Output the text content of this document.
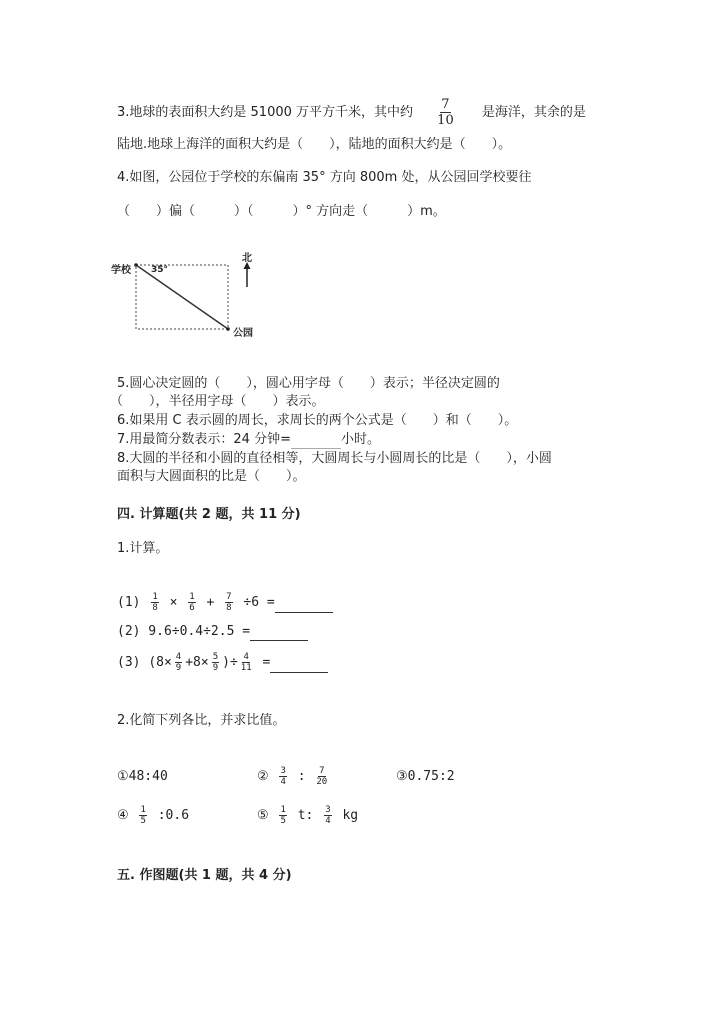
3.地球的表面积大约是 51000 万平方千米，其中约 $\frac{7}{10}$ 是海洋，其余的是
陆地.地球上海洋的面积大约是（　　），陆地的面积大约是（　　）。
4.如图，公园位于学校的东偏南 35° 方向 800m 处，从公园回学校要往
（　　）偏（　　　）（　　　）° 方向走（　　　）m。
学校 35°
北
公园
5.圆心决定圆的（　　），圆心用字母（　　）表示；半径决定圆的
（　　），半径用字母（　　）表示。
6.如果用 C 表示圆的周长，求周长的两个公式是（　　）和（　　）。
7.用最简分数表示：24 分钟=	小时。
8.大圆的半径和小圆的直径相等，大圆周长与小圆周长的比是（　　），小圆
面积与大圆面积的比是（　　）。
四. 计算题(共 2 题，共 11 分)
1.计算。
$(1) \frac{1}{8} \times \frac{1}{6} + \frac{7}{8} \div 6$ =
(2) 9.6÷0.4÷2.5 =
(3) ($8\times \frac{4}{9} +8\times \frac{5}{9}$ )÷ $\frac{4}{11}$ =
2.化简下列各比，并求比值。
①48:40	② $\frac{3}{4}$ : $\frac{7}{20}$	③0.75:2
④ $\frac{1}{5}$ :0.6	⑤ $\frac{1}{5} t$: $\frac{3}{4}$ kg
五. 作图题(共 1 题，共 4 分)
